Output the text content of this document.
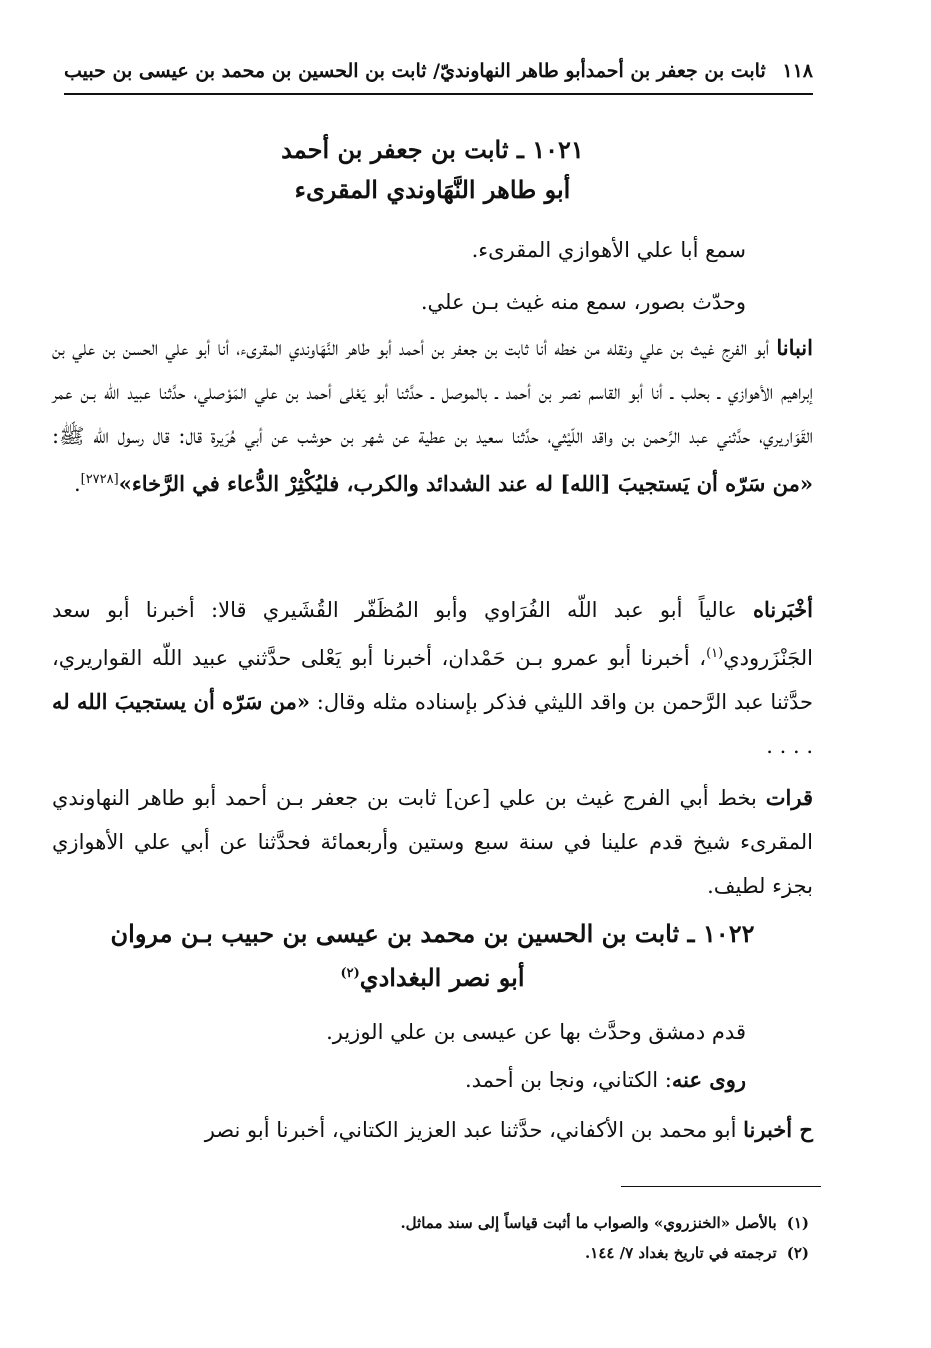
١١٨
ثابت بن جعفر بن أحمدأبو طاهر النهاونديّ/ ثابت بن الحسين بن محمد بن عيسى بن حبيب

١٠٢١ ـ ثابت بن جعفر بن أحمد

أبو طاهر النَّهَاوندي المقرىء

سمع أبا علي الأهوازي المقرىء.

وحدّث بصور، سمع منه غيث بـن علي.

انبانا أبو الفرج غيث بن علي ونقله من خطه أنا ثابت بن جعفر بن أحمد أبو طاهر النَّهَاوندي المقرىء، أنا أبو علي الحسن بن علي بن إبراهيم الأهوازي ـ بحلب ـ أنا أبو القاسم نصر بن أحمد ـ بالموصل ـ حدَّثنا أبو يَعْلى أحمد بن علي المَوْصلي، حدَّثنا عبيد اللّه بـن عمر القَوَاريري، حدَّثني عبد الرَّحمن بن واقد اللّيْثي، حدَّثنا سعيد بن عطية عن شهر بن حوشب عن أبي هُرَيرة قال: قال رسول الله ﷺ: «من سَرّه أن يَستجيبَ [الله] له عند الشدائد والكرب، فليُكْثِرْ الدُّعاء في الرَّخاء»[٢٧٢٨].

أخْبَرناه عالياً أبو عبد اللّه الفُرَاوي وأبو المُظَفّر القُشَيري قالا: أخبرنا أبو سعد الجَنْزَرودي$^{(١)}$، أخبرنا أبو عمرو بـن حَمْدان، أخبرنا أبو يَعْلى حدَّثني عبيد اللّه القواريري، حدَّثنا عبد الرَّحمن بن واقد الليثي فذكر بإسناده مثله وقال: «من سَرّه أن يستجيبَ الله له . . . .

قرات بخط أبي الفرج غيث بن علي [عن] ثابت بن جعفر بـن أحمد أبو طاهر النهاوندي المقرىء شيخ قدم علينا في سنة سبع وستين وأربعمائة فحدَّثنا عن أبي علي الأهوازي بجزء لطيف.

١٠٢٢ ـ ثابت بن الحسين بن محمد بن عيسى بن حبيب بـن مروان

أبو نصر البغدادي$^{(٢)}$

قدم دمشق وحدَّث بها عن عيسى بن علي الوزير.

روى عنه: الكتاني، ونجا بن أحمد.

ح أخبرنا أبو محمد بن الأكفاني، حدَّثنا عبد العزيز الكتاني، أخبرنا أبو نصر

(١)
بالأصل «الخنزروي» والصواب ما أثبت قياساً إلى سند مماثل.
(٢)
ترجمته في تاريخ بغداد ٧/ ١٤٤.
